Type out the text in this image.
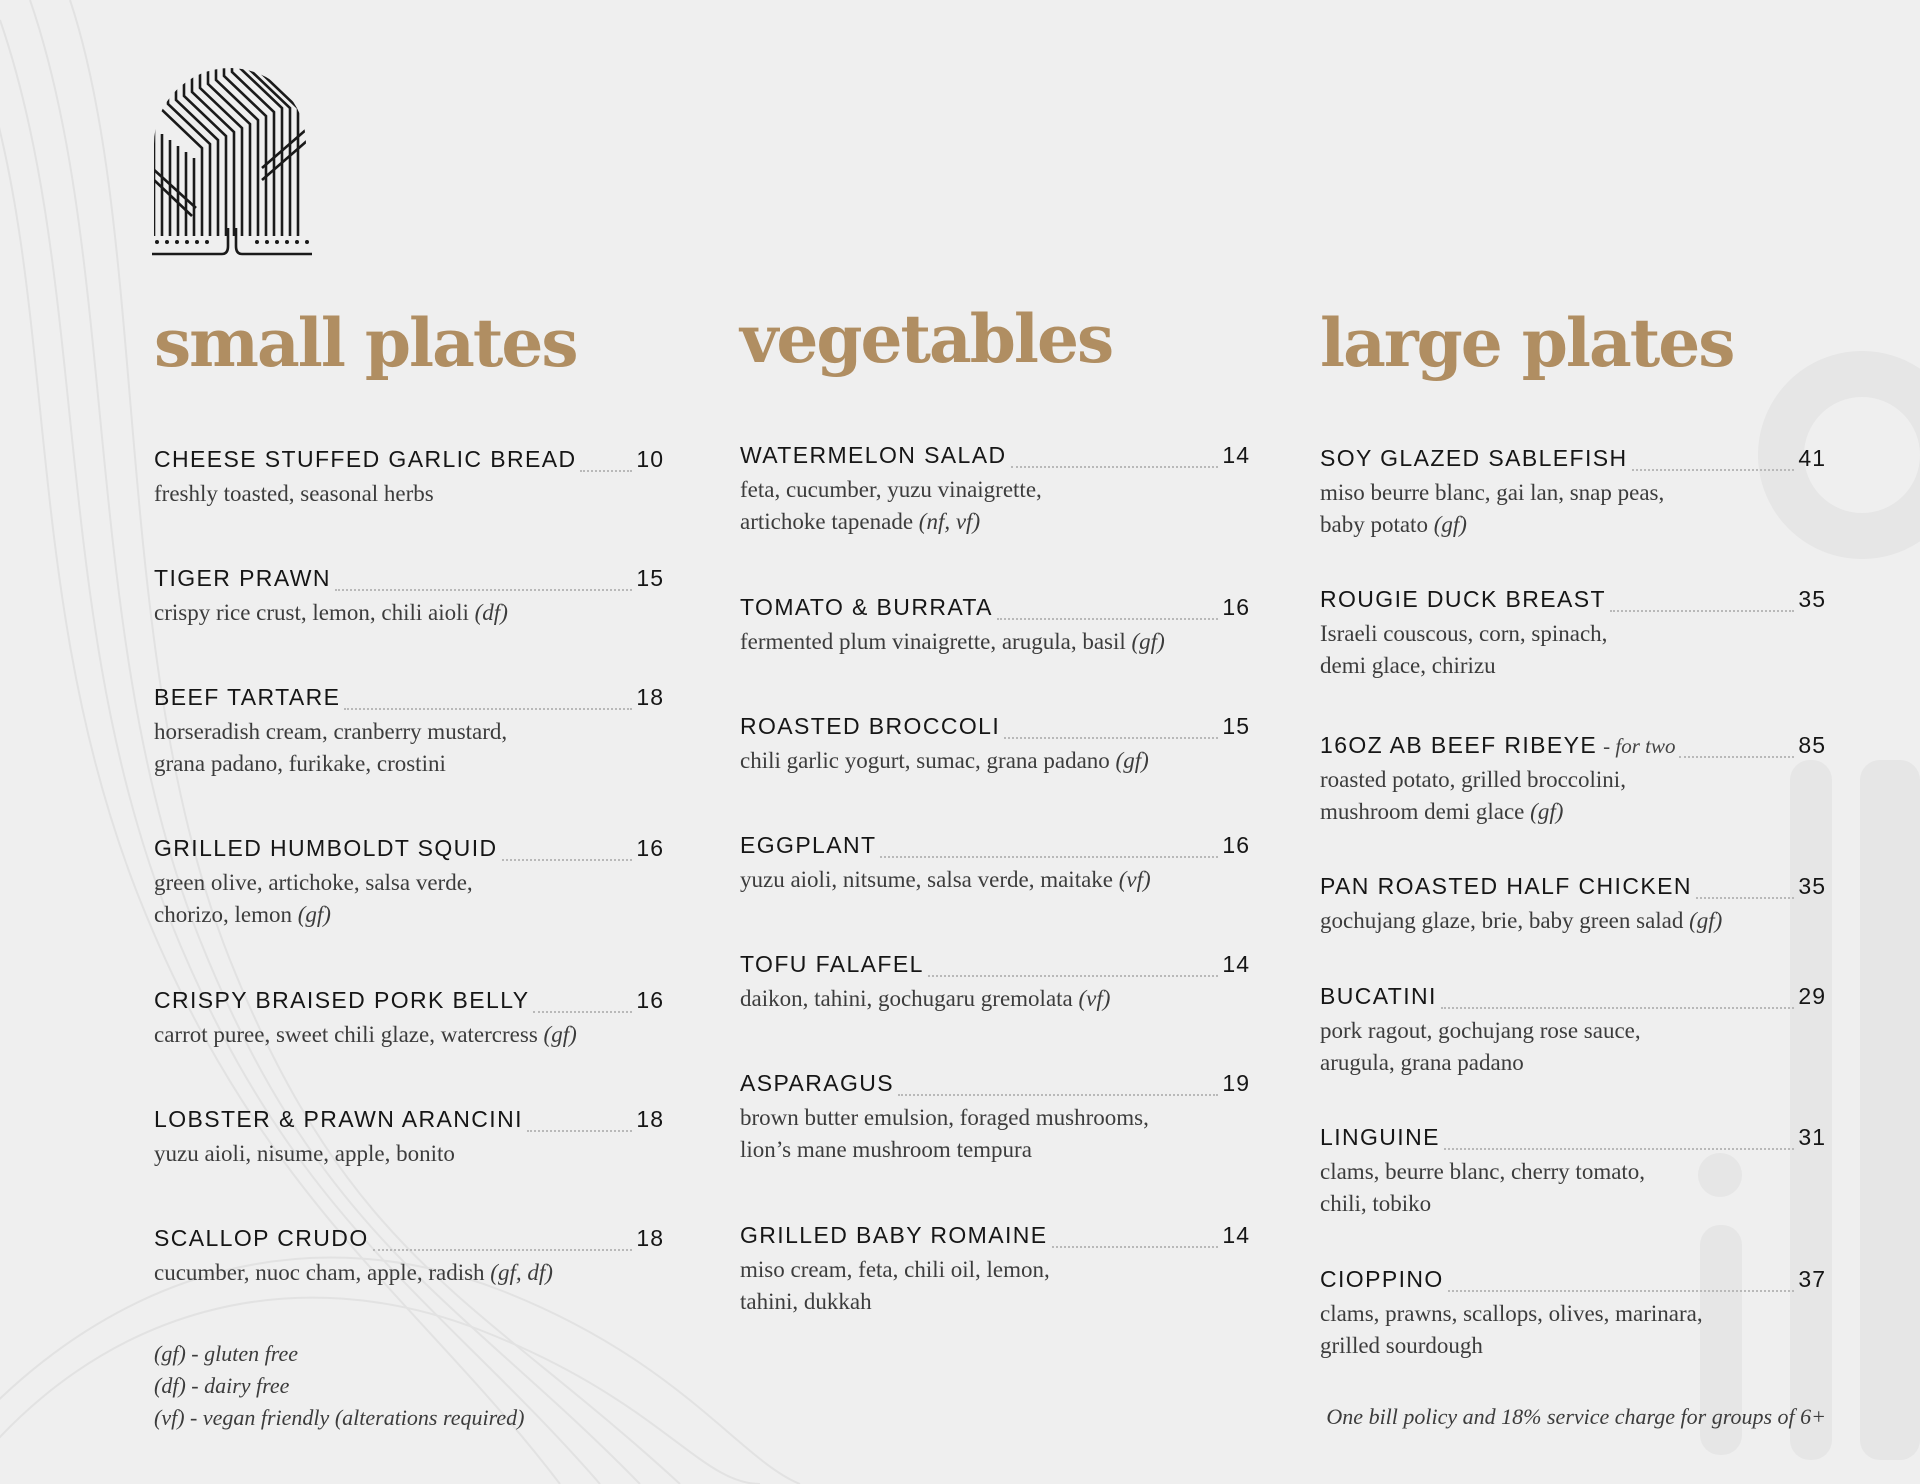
small plates
CHEESE STUFFED GARLIC BREAD	10
freshly toasted, seasonal herbs
TIGER PRAWN	15
crispy rice crust, lemon, chili aioli (df)
BEEF TARTARE	18
horseradish cream, cranberry mustard,
grana padano, furikake, crostini
GRILLED HUMBOLDT SQUID	16
green olive, artichoke, salsa verde,
chorizo, lemon (gf)
CRISPY BRAISED PORK BELLY	16
carrot puree, sweet chili glaze, watercress (gf)
LOBSTER & PRAWN ARANCINI	18
yuzu aioli, nisume, apple, bonito
SCALLOP CRUDO	18
cucumber, nuoc cham, apple, radish (gf, df)
(gf) - gluten free
(df) - dairy free
(vf) - vegan friendly (alterations required)
vegetables
WATERMELON SALAD	14
feta, cucumber, yuzu vinaigrette,
artichoke tapenade (nf, vf)
TOMATO & BURRATA	16
fermented plum vinaigrette, arugula, basil (gf)
ROASTED BROCCOLI	15
chili garlic yogurt, sumac, grana padano (gf)
EGGPLANT	16
yuzu aioli, nitsume, salsa verde, maitake (vf)
TOFU FALAFEL	14
daikon, tahini, gochugaru gremolata (vf)
ASPARAGUS	19
brown butter emulsion, foraged mushrooms,
lion’s mane mushroom tempura
GRILLED BABY ROMAINE	14
miso cream, feta, chili oil, lemon,
tahini, dukkah
large plates
SOY GLAZED SABLEFISH	41
miso beurre blanc, gai lan, snap peas,
baby potato (gf)
ROUGIE DUCK BREAST	35
Israeli couscous, corn, spinach,
demi glace, chirizu
16OZ AB BEEF RIBEYE - for two	85
roasted potato, grilled broccolini,
mushroom demi glace (gf)
PAN ROASTED HALF CHICKEN	35
gochujang glaze, brie, baby green salad (gf)
BUCATINI	29
pork ragout, gochujang rose sauce,
arugula, grana padano
LINGUINE	31
clams, beurre blanc, cherry tomato,
chili, tobiko
CIOPPINO	37
clams, prawns, scallops, olives, marinara,
grilled sourdough
One bill policy and 18% service charge for groups of 6+
